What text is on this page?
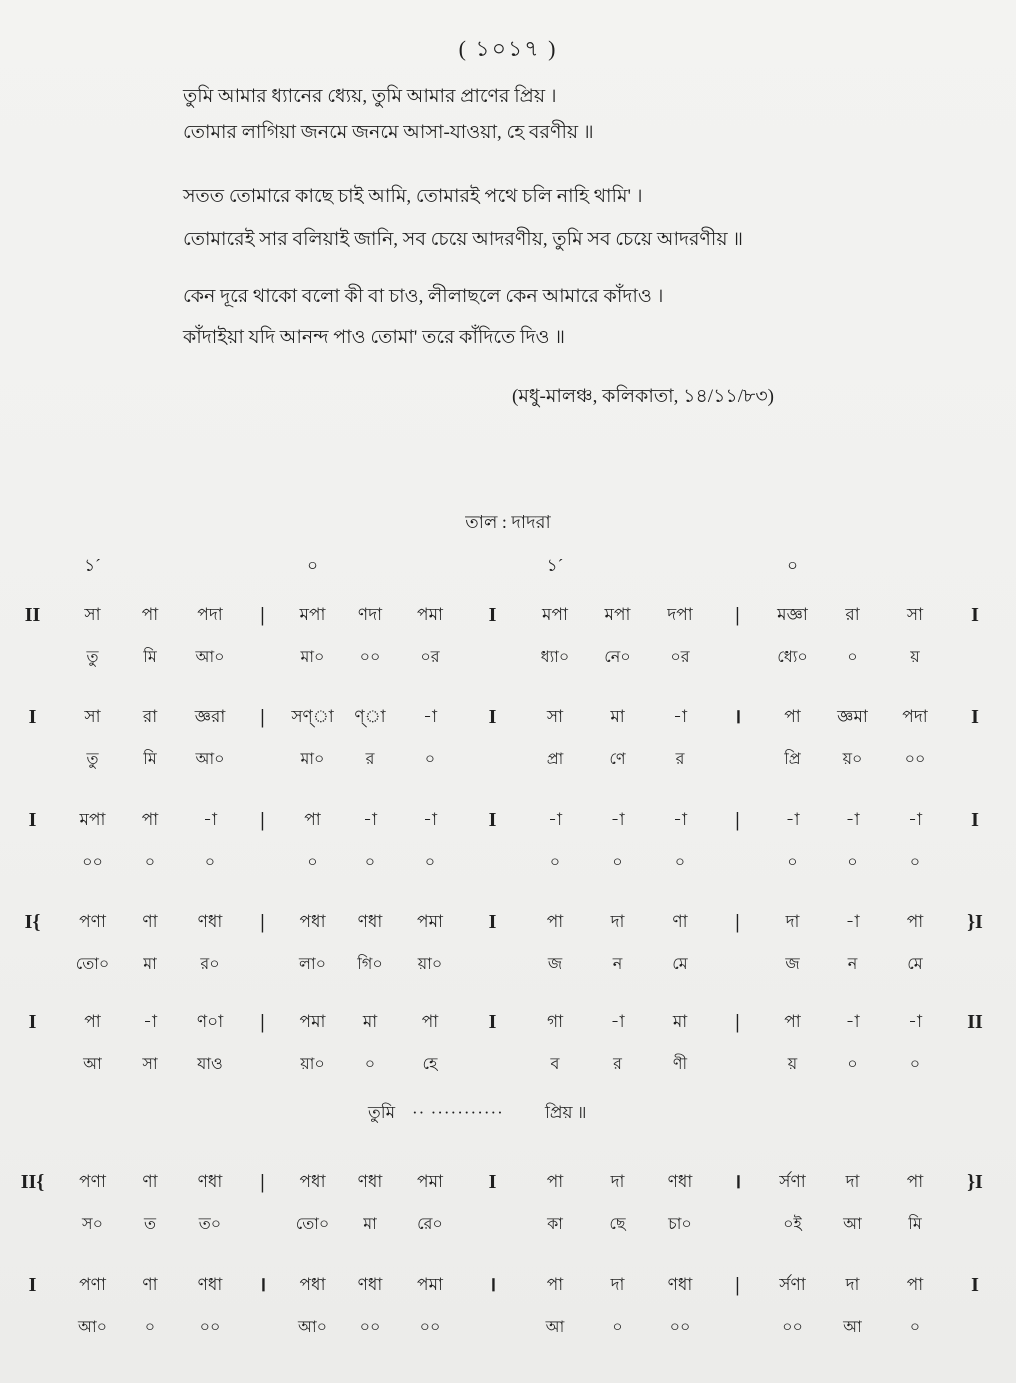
( ১০১৭ )
তুমি আমার ধ্যানের ধ্যেয়, তুমি আমার প্রাণের প্রিয় ।
তোমার লাগিয়া জনমে জনমে আসা-যাওয়া, হে বরণীয় ॥
সতত তোমারে কাছে চাই আমি, তোমারই পথে চলি নাহি থামি' ।
তোমারেই সার বলিয়াই জানি, সব চেয়ে আদরণীয়, তুমি সব চেয়ে আদরণীয় ॥
কেন দূরে থাকো বলো কী বা চাও, লীলাছলে কেন আমারে কাঁদাও ।
কাঁদাইয়া যদি আনন্দ পাও তোমা' তরে কাঁদিতে দিও ॥
(মধু-মালঞ্চ, কলিকাতা, ১৪/১১/৮৩)
তাল : দাদরা
১´	০	১´	০
II	সা	পা	পদা	|	মপা	ণদা	পমা	I	মপা	মপা	দপা	|	মজ্ঞা	রা	সা	I
তু	মি	আ০	মা০	০০	০র	ধ্যা০	নে০	০র	ধ্যে০	০	য়
I	সা	রা	জ্ঞরা	|	সণ্া	ণ্া	-া	I	সা	মা	-া	।	পা	জ্ঞমা	পদা	I
তু	মি	আ০	মা০	র	০	প্রা	ণে	র	প্রি	য়০	০০
I	মপা	পা	-া	|	পা	-া	-া	I	-া	-া	-া	|	-া	-া	-া	I
০০	০	০	০	০	০	০	০	০	০	০	০
I{	পণা	ণা	ণধা	|	পধা	ণধা	পমা	I	পা	দা	ণা	|	দা	-া	পা	}I
তো০	মা	র০	লা০	গি০	য়া০	জ	ন	মে	জ	ন	মে
I	পা	-া	ণ০া	|	পমা	মা	পা	I	গা	-া	মা	|	পা	-া	-া	II
আ	সা	যাও	য়া০	০	হে	ব	র	ণী	য়	০	০
তুমি ·· ··········· প্রিয় ॥
II{	পণা	ণা	ণধা	|	পধা	ণধা	পমা	I	পা	দা	ণধা	।	র্সণা	দা	পা	}I
স০	ত	ত০	তো০	মা	রে০	কা	ছে	চা০	০ই	আ	মি
I	পণা	ণা	ণধা	।	পধা	ণধা	পমা	।	পা	দা	ণধা	|	র্সণা	দা	পা	I
আ০	০	০০	আ০	০০	০০	আ	০	০০	০০	আ	০
